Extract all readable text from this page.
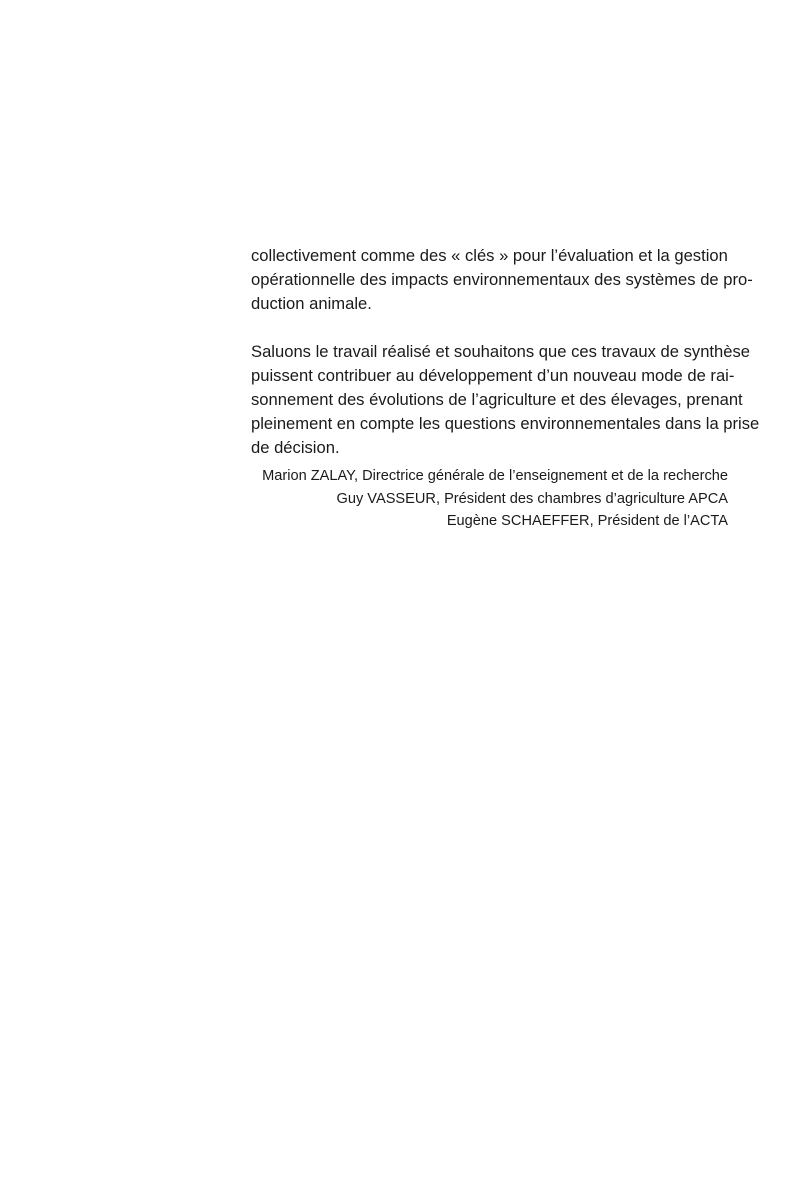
collectivement comme des « clés » pour l’évaluation et la gestion
opérationnelle des impacts environnementaux des systèmes de pro-
duction animale.

Saluons le travail réalisé et souhaitons que ces travaux de synthèse
puissent contribuer au développement d’un nouveau mode de rai-
sonnement des évolutions de l’agriculture et des élevages, prenant
pleinement en compte les questions environnementales dans la prise
de décision.

Marion ZALAY, Directrice générale de l’enseignement et de la recherche
Guy VASSEUR, Président des chambres d’agriculture APCA
Eugène SCHAEFFER, Président de l’ACTA
